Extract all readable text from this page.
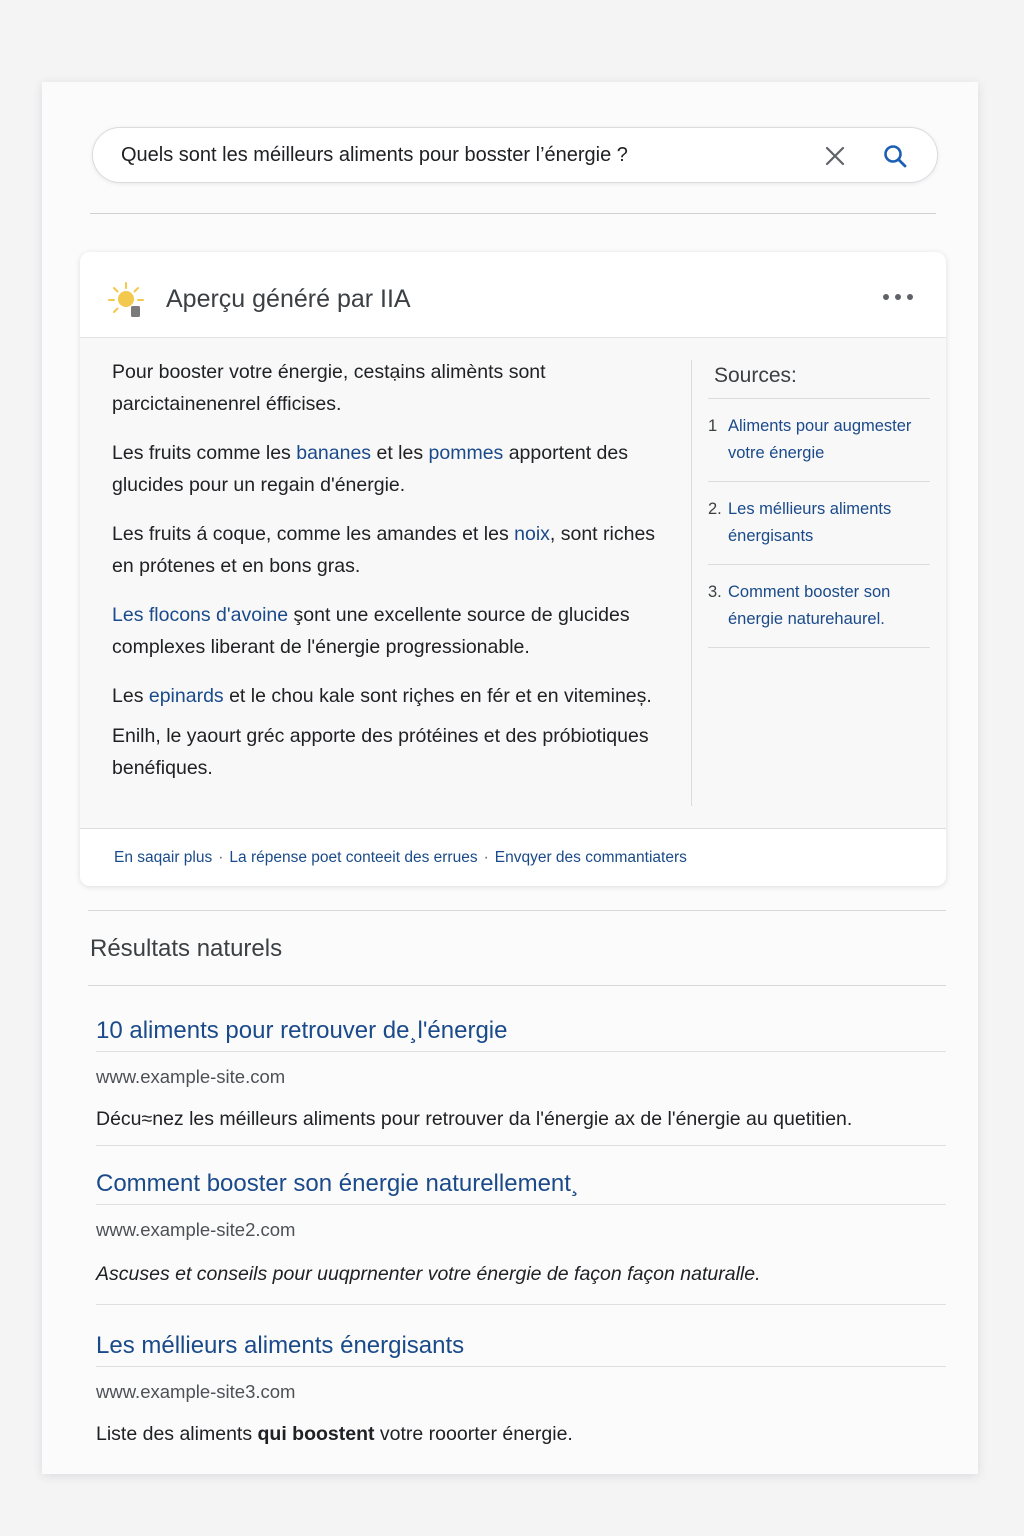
Quels sont les méilleurs aliments pour bosster l’énergie ?
Aperçu généré par IIA

Pour booster votre énergie, cestạins alimènts sont parcictainenenrel éfficises.

Les fruits comme les bananes et les pommes apportent des glucides pour un regain d'énergie.

Les fruits á coque, comme les amandes et les noix, sont riches en prótenes et en bons gras.

Les flocons d'avoine şont une excellente source de glucides complexes liberant de l'énergie progressiоnable.

Les epinards et le chou kale sont riçhes en fér et en vitemineș.

Enilh, le yaourt gréc apporte des prótéines et des próbiotiques benéfiques.

Sources:
1 Aliments pour augmester votre énergie
2. Les méllieurs aliments énergisants
3. Comment booster son énergie naturehaurel.
En saqair plus · La répense poet conteeit des errues · Envqyer des commantiaters
Résultats naturels
10 aliments pour retrouver de¸l'énergie
www.example-site.com
Décu≈nez les méilleurs aliments pour retrouver da l'énergie ax de l'énergie au quetitien.
Comment booster son énergie naturellement¸
www.example-site2.com
Ascuses et conseils pour uuqprnenter votre énergie de façon façon naturalle.
Les méllieurs aliments énergisants
www.example-site3.com
Liste des aliments qui boostent votre rooorter énergie.
